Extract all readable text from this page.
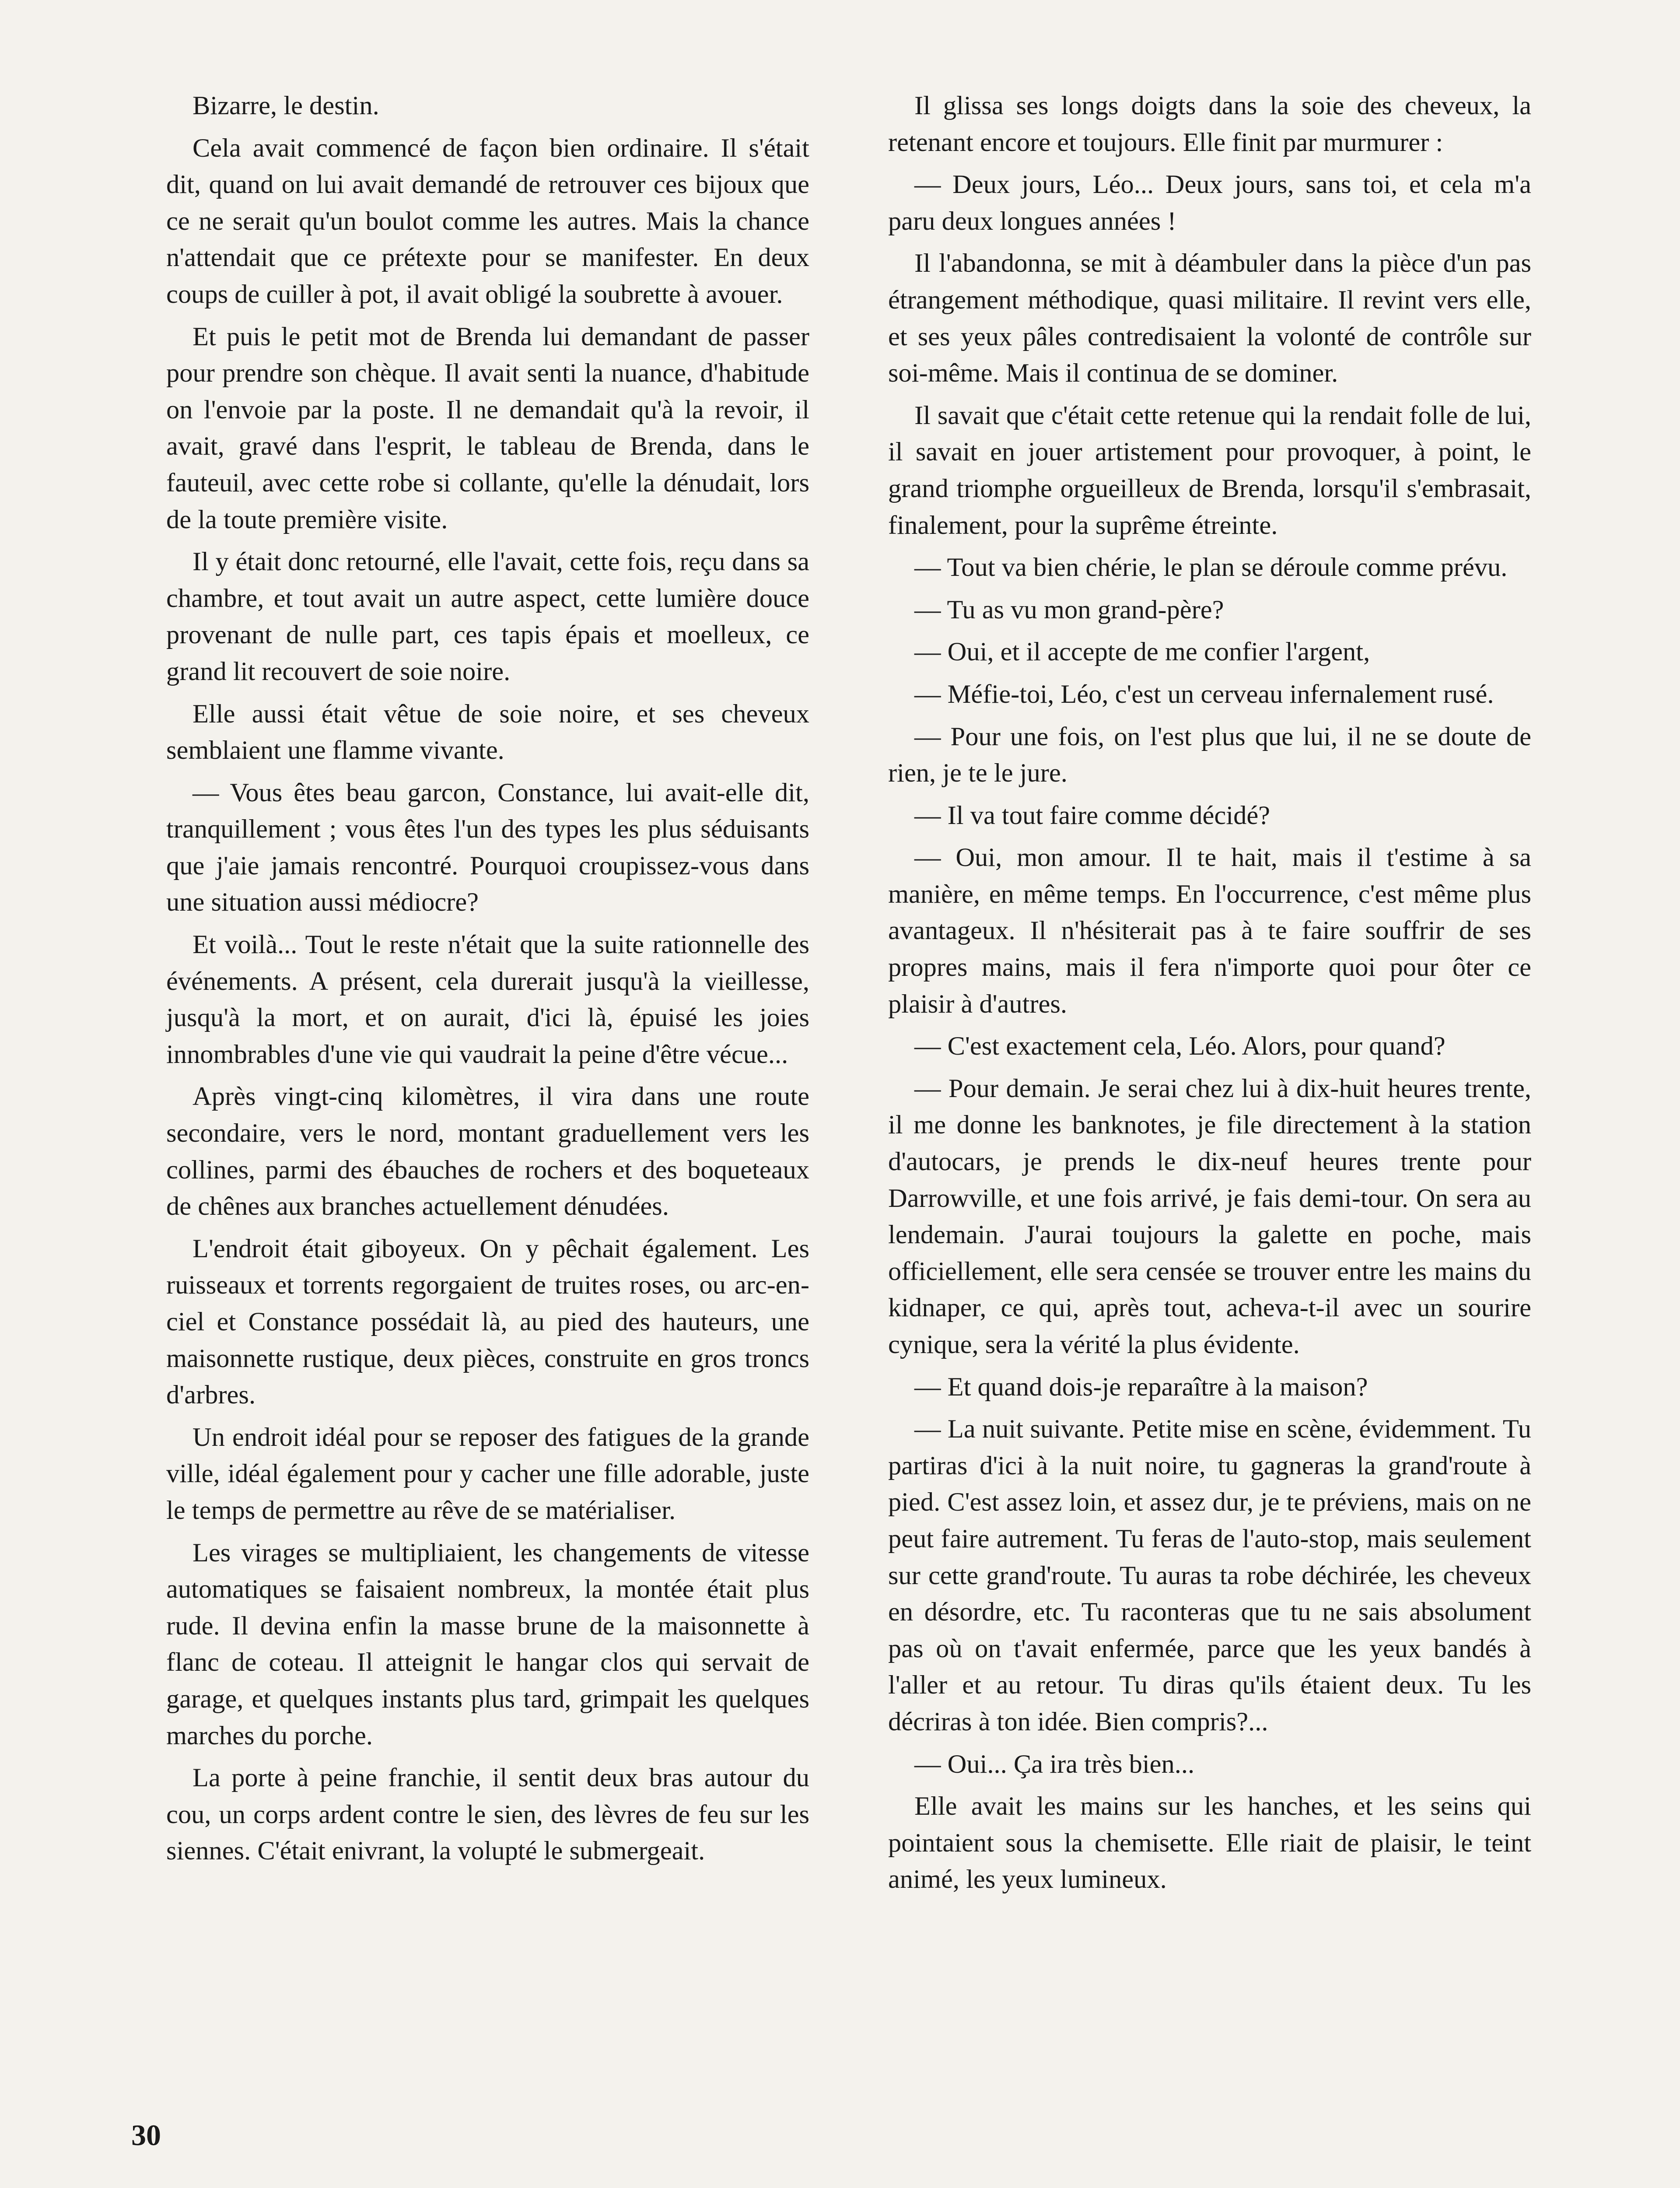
Bizarre, le destin.

Cela avait commencé de façon bien ordinaire. Il s'était dit, quand on lui avait demandé de retrouver ces bijoux que ce ne serait qu'un boulot comme les autres. Mais la chance n'attendait que ce prétexte pour se manifester. En deux coups de cuiller à pot, il avait obligé la soubrette à avouer.

Et puis le petit mot de Brenda lui demandant de passer pour prendre son chèque. Il avait senti la nuance, d'habitude on l'envoie par la poste. Il ne demandait qu'à la revoir, il avait, gravé dans l'esprit, le tableau de Brenda, dans le fauteuil, avec cette robe si collante, qu'elle la dénudait, lors de la toute première visite.

Il y était donc retourné, elle l'avait, cette fois, reçu dans sa chambre, et tout avait un autre aspect, cette lumière douce provenant de nulle part, ces tapis épais et moelleux, ce grand lit recouvert de soie noire.

Elle aussi était vêtue de soie noire, et ses cheveux semblaient une flamme vivante.

— Vous êtes beau garcon, Constance, lui avait-elle dit, tranquillement ; vous êtes l'un des types les plus séduisants que j'aie jamais rencontré. Pourquoi croupissez-vous dans une situation aussi médiocre?

Et voilà... Tout le reste n'était que la suite rationnelle des événements. A présent, cela durerait jusqu'à la vieillesse, jusqu'à la mort, et on aurait, d'ici là, épuisé les joies innombrables d'une vie qui vaudrait la peine d'être vécue...

Après vingt-cinq kilomètres, il vira dans une route secondaire, vers le nord, montant graduellement vers les collines, parmi des ébauches de rochers et des boqueteaux de chênes aux branches actuellement dénudées.

L'endroit était giboyeux. On y pêchait également. Les ruisseaux et torrents regorgaient de truites roses, ou arc-en-ciel et Constance possédait là, au pied des hauteurs, une maisonnette rustique, deux pièces, construite en gros troncs d'arbres.

Un endroit idéal pour se reposer des fatigues de la grande ville, idéal également pour y cacher une fille adorable, juste le temps de permettre au rêve de se matérialiser.

Les virages se multipliaient, les changements de vitesse automatiques se faisaient nombreux, la montée était plus rude. Il devina enfin la masse brune de la maisonnette à flanc de coteau. Il atteignit le hangar clos qui servait de garage, et quelques instants plus tard, grimpait les quelques marches du porche.

La porte à peine franchie, il sentit deux bras autour du cou, un corps ardent contre le sien, des lèvres de feu sur les siennes. C'était enivrant, la volupté le submergeait.

Il glissa ses longs doigts dans la soie des cheveux, la retenant encore et toujours. Elle finit par murmurer :

— Deux jours, Léo... Deux jours, sans toi, et cela m'a paru deux longues années !

Il l'abandonna, se mit à déambuler dans la pièce d'un pas étrangement méthodique, quasi militaire. Il revint vers elle, et ses yeux pâles contredisaient la volonté de contrôle sur soi-même. Mais il continua de se dominer.

Il savait que c'était cette retenue qui la rendait folle de lui, il savait en jouer artistement pour provoquer, à point, le grand triomphe orgueilleux de Brenda, lorsqu'il s'embrasait, finalement, pour la suprême étreinte.

— Tout va bien chérie, le plan se déroule comme prévu.

— Tu as vu mon grand-père?

— Oui, et il accepte de me confier l'argent,

— Méfie-toi, Léo, c'est un cerveau infernalement rusé.

— Pour une fois, on l'est plus que lui, il ne se doute de rien, je te le jure.

— Il va tout faire comme décidé?

— Oui, mon amour. Il te hait, mais il t'estime à sa manière, en même temps. En l'occurrence, c'est même plus avantageux. Il n'hésiterait pas à te faire souffrir de ses propres mains, mais il fera n'importe quoi pour ôter ce plaisir à d'autres.

— C'est exactement cela, Léo. Alors, pour quand?

— Pour demain. Je serai chez lui à dix-huit heures trente, il me donne les banknotes, je file directement à la station d'autocars, je prends le dix-neuf heures trente pour Darrowville, et une fois arrivé, je fais demi-tour. On sera au lendemain. J'aurai toujours la galette en poche, mais officiellement, elle sera censée se trouver entre les mains du kidnaper, ce qui, après tout, acheva-t-il avec un sourire cynique, sera la vérité la plus évidente.

— Et quand dois-je reparaître à la maison?

— La nuit suivante. Petite mise en scène, évidemment. Tu partiras d'ici à la nuit noire, tu gagneras la grand'route à pied. C'est assez loin, et assez dur, je te préviens, mais on ne peut faire autrement. Tu feras de l'auto-stop, mais seulement sur cette grand'route. Tu auras ta robe déchirée, les cheveux en désordre, etc. Tu raconteras que tu ne sais absolument pas où on t'avait enfermée, parce que les yeux bandés à l'aller et au retour. Tu diras qu'ils étaient deux. Tu les décriras à ton idée. Bien compris?...

— Oui... Ça ira très bien...

Elle avait les mains sur les hanches, et les seins qui pointaient sous la chemisette. Elle riait de plaisir, le teint animé, les yeux lumineux.

30
